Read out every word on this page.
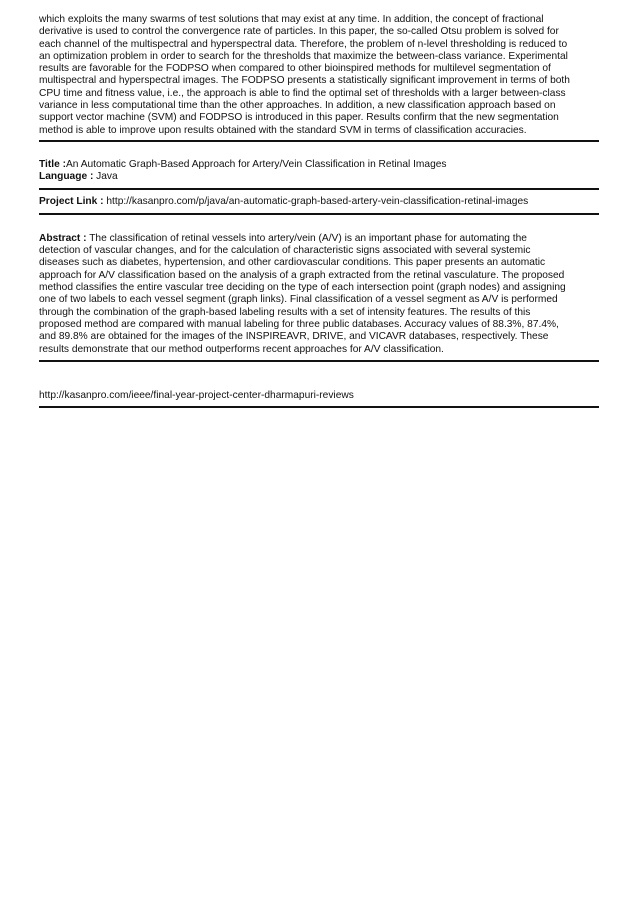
which exploits the many swarms of test solutions that may exist at any time. In addition, the concept of fractional
derivative is used to control the convergence rate of particles. In this paper, the so-called Otsu problem is solved for
each channel of the multispectral and hyperspectral data. Therefore, the problem of n-level thresholding is reduced to
an optimization problem in order to search for the thresholds that maximize the between-class variance. Experimental
results are favorable for the FODPSO when compared to other bioinspired methods for multilevel segmentation of
multispectral and hyperspectral images. The FODPSO presents a statistically significant improvement in terms of both
CPU time and fitness value, i.e., the approach is able to find the optimal set of thresholds with a larger between-class
variance in less computational time than the other approaches. In addition, a new classification approach based on
support vector machine (SVM) and FODPSO is introduced in this paper. Results confirm that the new segmentation
method is able to improve upon results obtained with the standard SVM in terms of classification accuracies.

Title :An Automatic Graph-Based Approach for Artery/Vein Classification in Retinal Images

Language : Java

Project Link : http://kasanpro.com/p/java/an-automatic-graph-based-artery-vein-classification-retinal-images

Abstract : The classification of retinal vessels into artery/vein (A/V) is an important phase for automating the
detection of vascular changes, and for the calculation of characteristic signs associated with several systemic
diseases such as diabetes, hypertension, and other cardiovascular conditions. This paper presents an automatic
approach for A/V classification based on the analysis of a graph extracted from the retinal vasculature. The proposed
method classifies the entire vascular tree deciding on the type of each intersection point (graph nodes) and assigning
one of two labels to each vessel segment (graph links). Final classification of a vessel segment as A/V is performed
through the combination of the graph-based labeling results with a set of intensity features. The results of this
proposed method are compared with manual labeling for three public databases. Accuracy values of 88.3%, 87.4%,
and 89.8% are obtained for the images of the INSPIREAVR, DRIVE, and VICAVR databases, respectively. These
results demonstrate that our method outperforms recent approaches for A/V classification.

http://kasanpro.com/ieee/final-year-project-center-dharmapuri-reviews
